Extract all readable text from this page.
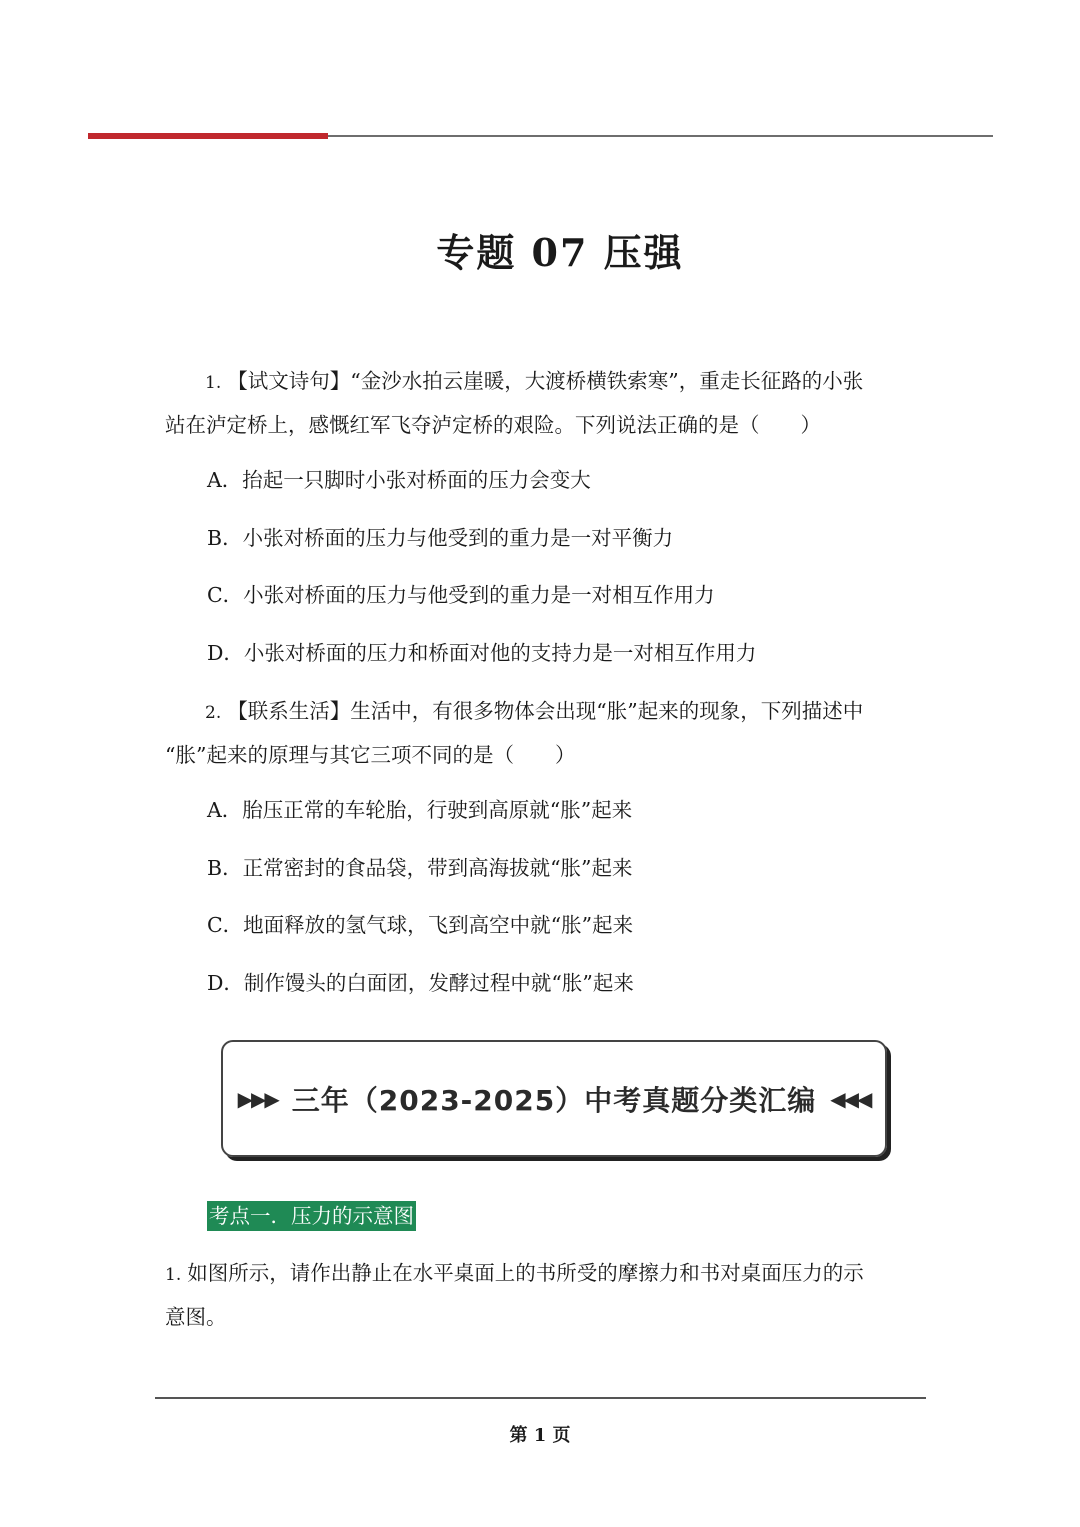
专题 07 压强

1. 【试文诗句】“金沙水拍云崖暖，大渡桥横铁索寒”，重走长征路的小张
站在泸定桥上，感慨红军飞夺泸定桥的艰险。下列说法正确的是（　　）

A．抬起一只脚时小张对桥面的压力会变大

B．小张对桥面的压力与他受到的重力是一对平衡力

C．小张对桥面的压力与他受到的重力是一对相互作用力

D．小张对桥面的压力和桥面对他的支持力是一对相互作用力

2. 【联系生活】生活中，有很多物体会出现“胀”起来的现象，下列描述中
“胀”起来的原理与其它三项不同的是（　　）

A．胎压正常的车轮胎，行驶到高原就“胀”起来

B．正常密封的食品袋，带到高海拔就“胀”起来

C．地面释放的氢气球，飞到高空中就“胀”起来

D．制作馒头的白面团，发酵过程中就“胀”起来

▶▶▶ 三年（2023-2025）中考真题分类汇编 ◀◀◀
考点一．压力的示意图

1. 如图所示，请作出静止在水平桌面上的书所受的摩擦力和书对桌面压力的示
意图。

第 1 页
